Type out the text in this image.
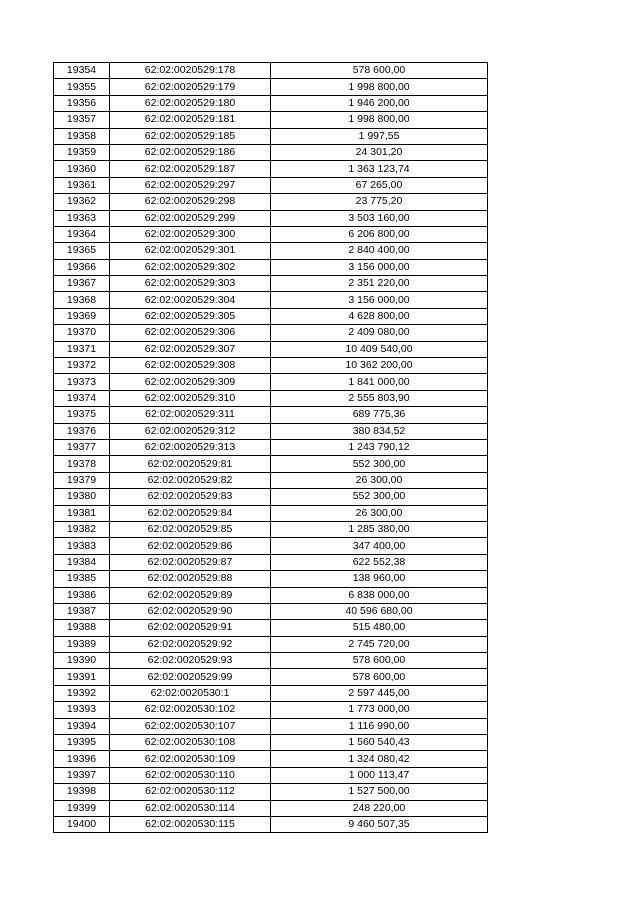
19354	62:02:0020529:178	578 600,00
19355	62:02:0020529:179	1 998 800,00
19356	62:02:0020529:180	1 946 200,00
19357	62:02:0020529:181	1 998 800,00
19358	62:02:0020529:185	1 997,55
19359	62:02:0020529:186	24 301,20
19360	62:02:0020529:187	1 363 123,74
19361	62:02:0020529:297	67 265,00
19362	62:02:0020529:298	23 775,20
19363	62:02:0020529:299	3 503 160,00
19364	62:02:0020529:300	6 206 800,00
19365	62:02:0020529:301	2 840 400,00
19366	62:02:0020529:302	3 156 000,00
19367	62:02:0020529:303	2 351 220,00
19368	62:02:0020529:304	3 156 000,00
19369	62:02:0020529:305	4 628 800,00
19370	62:02:0020529:306	2 409 080,00
19371	62:02:0020529:307	10 409 540,00
19372	62:02:0020529:308	10 362 200,00
19373	62:02:0020529:309	1 841 000,00
19374	62:02:0020529:310	2 555 803,90
19375	62:02:0020529:311	689 775,36
19376	62:02:0020529:312	380 834,52
19377	62:02:0020529:313	1 243 790,12
19378	62:02:0020529:81	552 300,00
19379	62:02:0020529:82	26 300,00
19380	62:02:0020529:83	552 300,00
19381	62:02:0020529:84	26 300,00
19382	62:02:0020529:85	1 285 380,00
19383	62:02:0020529:86	347 400,00
19384	62:02:0020529:87	622 552,38
19385	62:02:0020529:88	138 960,00
19386	62:02:0020529:89	6 838 000,00
19387	62:02:0020529:90	40 596 680,00
19388	62:02:0020529:91	515 480,00
19389	62:02:0020529:92	2 745 720,00
19390	62:02:0020529:93	578 600,00
19391	62:02:0020529:99	578 600,00
19392	62:02:0020530:1	2 597 445,00
19393	62:02:0020530:102	1 773 000,00
19394	62:02:0020530:107	1 116 990,00
19395	62:02:0020530:108	1 560 540,43
19396	62:02:0020530:109	1 324 080,42
19397	62:02:0020530:110	1 000 113,47
19398	62:02:0020530:112	1 527 500,00
19399	62:02:0020530:114	248 220,00
19400	62:02:0020530:115	9 460 507,35
